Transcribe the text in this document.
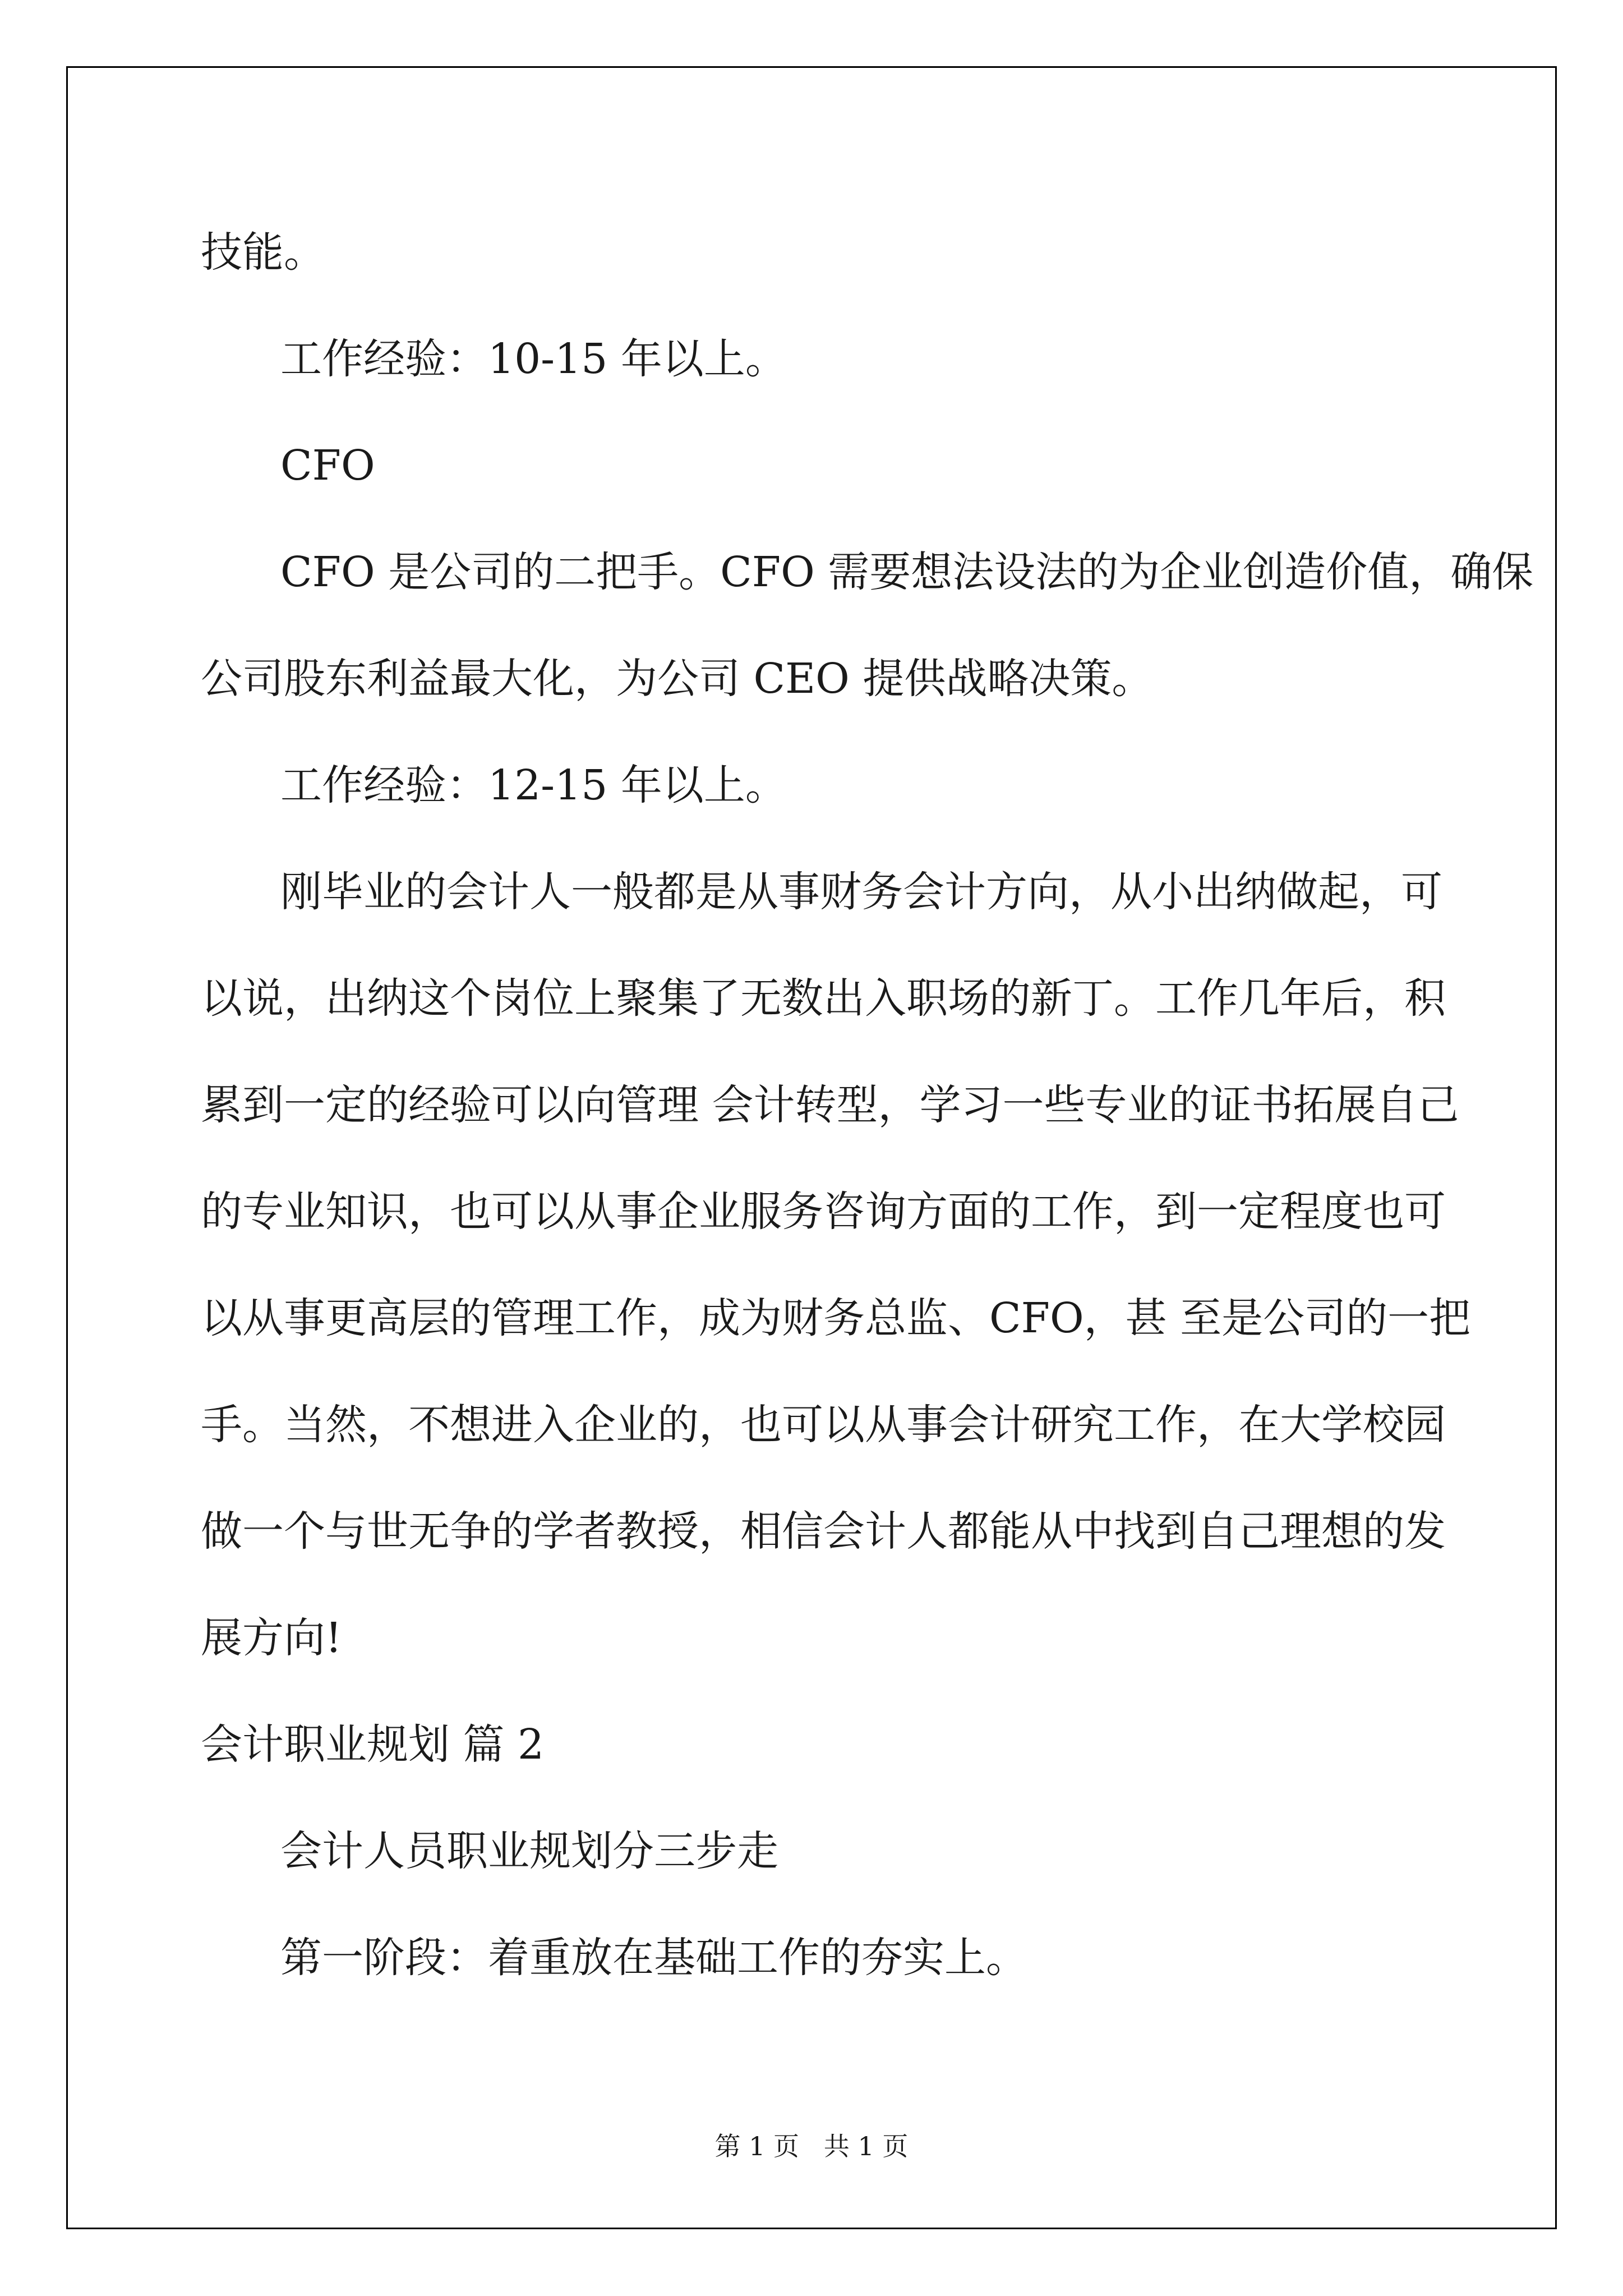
技能。
工作经验：10-15 年以上。
CFO
CFO 是公司的二把手。CFO 需要想法设法的为企业创造价值，确保
公司股东利益最大化，为公司 CEO 提供战略决策。
工作经验：12-15 年以上。
刚毕业的会计人一般都是从事财务会计方向，从小出纳做起，可
以说，出纳这个岗位上聚集了无数出入职场的新丁。工作几年后，积
累到一定的经验可以向管理 会计转型，学习一些专业的证书拓展自己
的专业知识，也可以从事企业服务咨询方面的工作，到一定程度也可
以从事更高层的管理工作，成为财务总监、CFO，甚 至是公司的一把
手。当然，不想进入企业的，也可以从事会计研究工作，在大学校园
做一个与世无争的学者教授，相信会计人都能从中找到自己理想的发
展方向!
会计职业规划 篇 2
会计人员职业规划分三步走
第一阶段：着重放在基础工作的夯实上。
第 1 页   共 1 页
